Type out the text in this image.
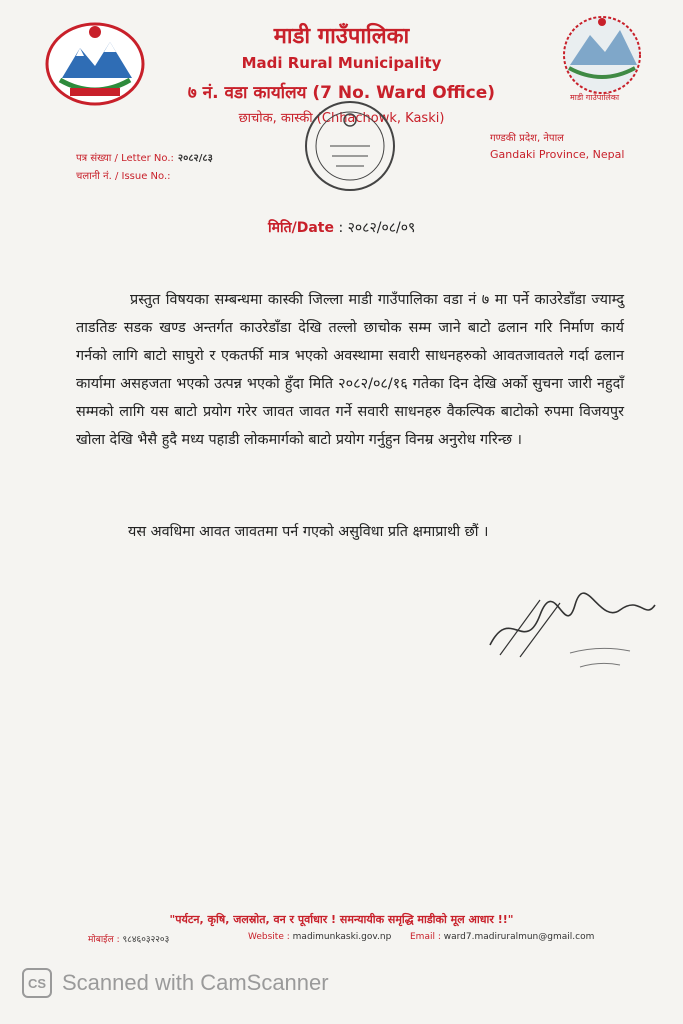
माडी गाउँपालिका
माडी गाउँपालिका
Madi Rural Municipality
७ नं. वडा कार्यालय (7 No. Ward Office)
छाचोक, कास्की (Chhachowk, Kaski)
पत्र संख्या / Letter No.: २०८२/८३
चलानी नं. / Issue No.:
गण्डकी प्रदेश, नेपाल
Gandaki Province, Nepal
मिति/Date : २०८२/०८/०९
प्रस्तुत विषयका सम्बन्धमा कास्की जिल्ला माडी गाउँपालिका वडा नं ७ मा पर्ने काउरेडाँडा ज्याम्दु ताडतिङ सडक खण्ड अन्तर्गत काउरेडाँडा देखि तल्लो छाचोक सम्म जाने बाटो ढलान गरि निर्माण कार्य गर्नको लागि बाटो साघुरो र एकतर्फी मात्र भएको अवस्थामा सवारी साधनहरुको आवतजावतले गर्दा ढलान कार्यामा असहजता भएको उत्पन्न भएको हुँदा मिति २०८२/०८/१६ गतेका दिन देखि अर्को सुचना जारी नहुदाँ सम्मको लागि यस बाटो प्रयोग गरेर जावत जावत गर्ने सवारी साधनहरु वैकल्पिक बाटोको रुपमा विजयपुर खोला देखि भैसै हुदै मध्य पहाडी लोकमार्गको बाटो प्रयोग गर्नुहुन विनम्र अनुरोध गरिन्छ ।
यस अवधिमा आवत जावतमा पर्न गएको असुविधा प्रति क्षमाप्राथी छौं ।
"पर्यटन, कृषि, जलस्रोत, वन र पूर्वाधार ! समन्यायीक समृद्धि माडीको मूल आधार !!"
मोबाईल : ९८४६०३२२०३	Website : madimunkaski.gov.np Email : ward7.madiruralmun@gmail.com
CS Scanned with CamScanner
